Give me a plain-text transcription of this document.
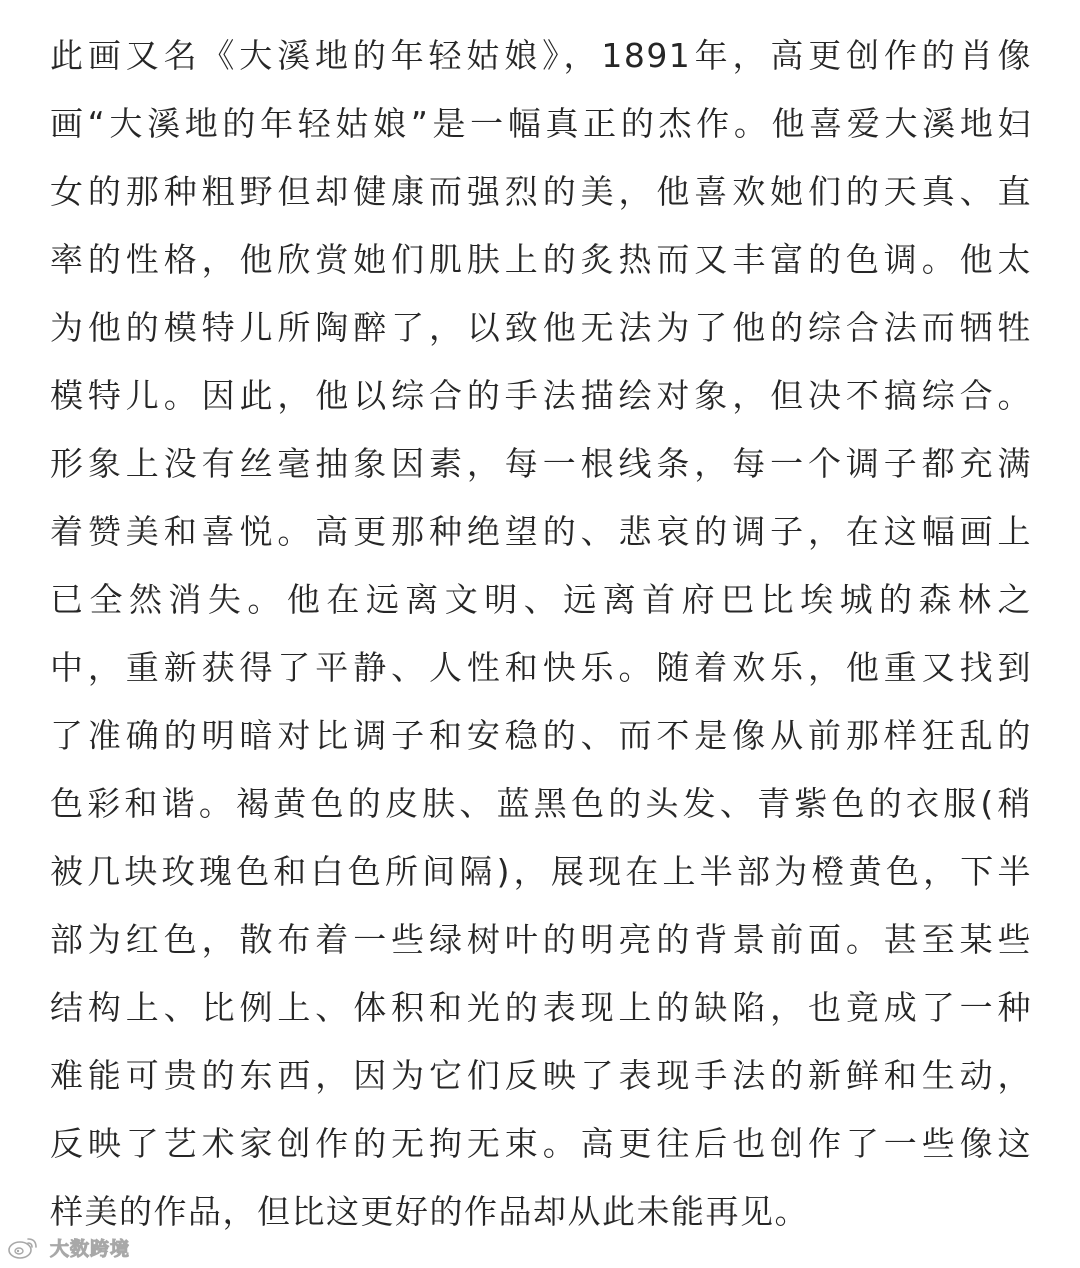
此画又名《大溪地的年轻姑娘》，1891年，高更创作的肖像
画“大溪地的年轻姑娘”是一幅真正的杰作。他喜爱大溪地妇
女的那种粗野但却健康而强烈的美，他喜欢她们的天真、直
率的性格，他欣赏她们肌肤上的炙热而又丰富的色调。他太
为他的模特儿所陶醉了，以致他无法为了他的综合法而牺牲
模特儿。因此，他以综合的手法描绘对象，但决不搞综合。
形象上没有丝毫抽象因素，每一根线条，每一个调子都充满
着赞美和喜悦。高更那种绝望的、悲哀的调子，在这幅画上
已全然消失。他在远离文明、远离首府巴比埃城的森林之
中，重新获得了平静、人性和快乐。随着欢乐，他重又找到
了准确的明暗对比调子和安稳的、而不是像从前那样狂乱的
色彩和谐。褐黄色的皮肤、蓝黑色的头发、青紫色的衣服(稍
被几块玫瑰色和白色所间隔)，展现在上半部为橙黄色，下半
部为红色，散布着一些绿树叶的明亮的背景前面。甚至某些
结构上、比例上、体积和光的表现上的缺陷，也竟成了一种
难能可贵的东西，因为它们反映了表现手法的新鲜和生动，
反映了艺术家创作的无拘无束。高更往后也创作了一些像这
样美的作品，但比这更好的作品却从此未能再见。
大数跨境
